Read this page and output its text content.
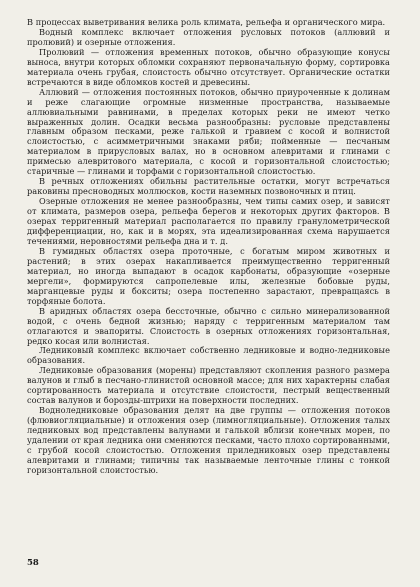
В процессах выветривания велика роль климата, рельефа и органического мира.

Водный комплекс включает отложения русловых потоков (аллювий и пролювий) и озерные отложения.

Пролювий — отложения временных потоков, обычно образующие конусы выноса, внутри которых обломки сохраняют первоначальную форму, сортировка материала очень грубая, слоистость обычно отсутствует. Органические остатки встречаются в виде обломков костей и древесины.

Аллювий — отложения постоянных потоков, обычно приуроченные к долинам и реже слагающие огромные низменные пространства, называемые аллювиальными равнинами, в пределах которых реки не имеют четко выраженных долин. Осадки весьма разнообразны: русловые представлены главным образом песками, реже галькой и гравием с косой и волнистой слоистостью, с асимметричными знаками ряби; пойменные — песчаным материалом в прирусловых валах, но в основном алевритами и глинами с примесью алевритового материала, с косой и горизонтальной слоистостью; старичные — глинами и торфами с горизонтальной слоистостью.

В речных отложениях обильны растительные остатки, могут встречаться раковины пресноводных моллюсков, кости наземных позвоночных и птиц.

Озерные отложения не менее разнообразны, чем типы самих озер, и зависят от климата, размеров озера, рельефа берегов и некоторых других факторов. В озерах терригенный материал располагается по правилу гранулометрической дифференциации, но, как и в морях, эта идеализированная схема нарушается течениями, неровностями рельефа дна и т. д.

В гумидных областях озера проточные, с богатым миром животных и растений; в этих озерах накапливается преимущественно терригенный материал, но иногда выпадают в осадок карбонаты, образующие «озерные мергели», формируются сапропелевые илы, железные бобовые руды, марганцевые руды и бокситы; озера постепенно зарастают, превращаясь в торфяные болота.

В аридных областях озера бессточные, обычно с сильно минерализованной водой, с очень бедной жизнью; наряду с терригенным материалом там отлагаются и эвапориты. Слоистость в озерных отложениях горизонтальная, редко косая или волнистая.

Ледниковый комплекс включает собственно ледниковые и водно-ледниковые образования.

Ледниковые образования (морены) представляют скопления разного размера валунов и глыб в песчано-глинистой основной массе; для них характерны слабая сортированность материала и отсутствие слоистости, пестрый вещественный состав валунов и борозды-штрихи на поверхности последних.

Водноледниковые образования делят на две группы — отложения потоков (флювиогляциальные) и отложения озер (лимногляциальные). Отложения талых ледниковых вод представлены валунами и галькой вблизи конечных морен, по удалении от края ледника они сменяются песками, часто плохо сортированными, с грубой косой слоистостью. Отложения приледниковых озер представлены алевритами и глинами; типичны так называемые ленточные глины с тонкой горизонтальной слоистостью.

58
